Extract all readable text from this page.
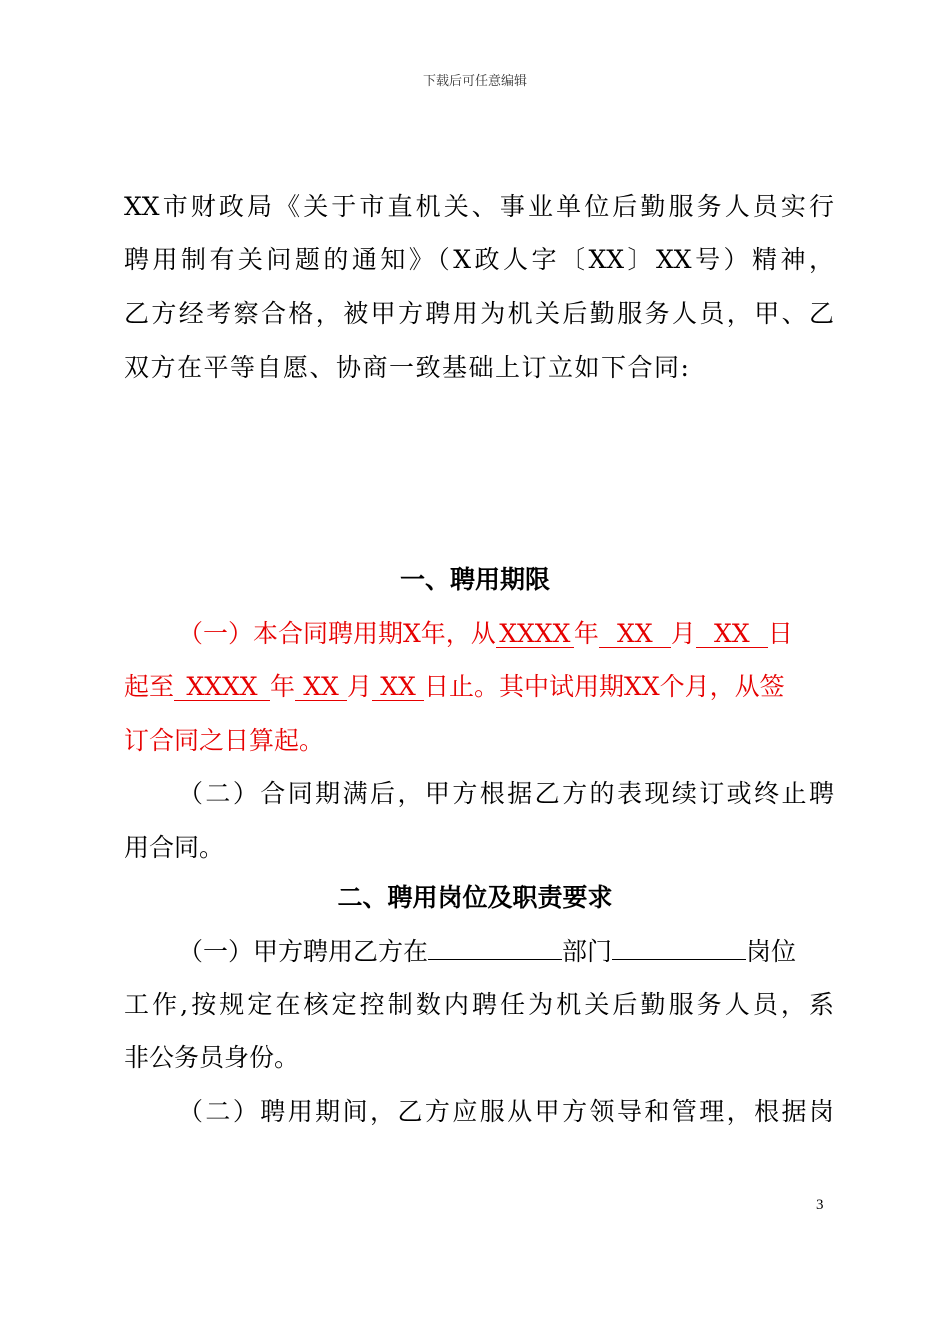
下载后可任意编辑
XX市财政局《关于市直机关、事业单位后勤服务人员实行
聘用制有关问题的通知》（X政人字〔XX〕XX号）精神，
乙方经考察合格，被甲方聘用为机关后勤服务人员，甲、乙
双方在平等自愿、协商一致基础上订立如下合同:
一、聘用期限
（一）本合同聘用期X年，从 XXXX 年 XX 月 XX 日
起至 XXXX 年 XX 月 XX 日止。其中试用期XX个月，从签
订合同之日算起。
（二）合同期满后，甲方根据乙方的表现续订或终止聘
用合同。
二、聘用岗位及职责要求
（一）甲方聘用乙方在	部门	岗位
工作,按规定在核定控制数内聘任为机关后勤服务人员，系
非公务员身份。
（二）聘用期间，乙方应服从甲方领导和管理，根据岗
3
